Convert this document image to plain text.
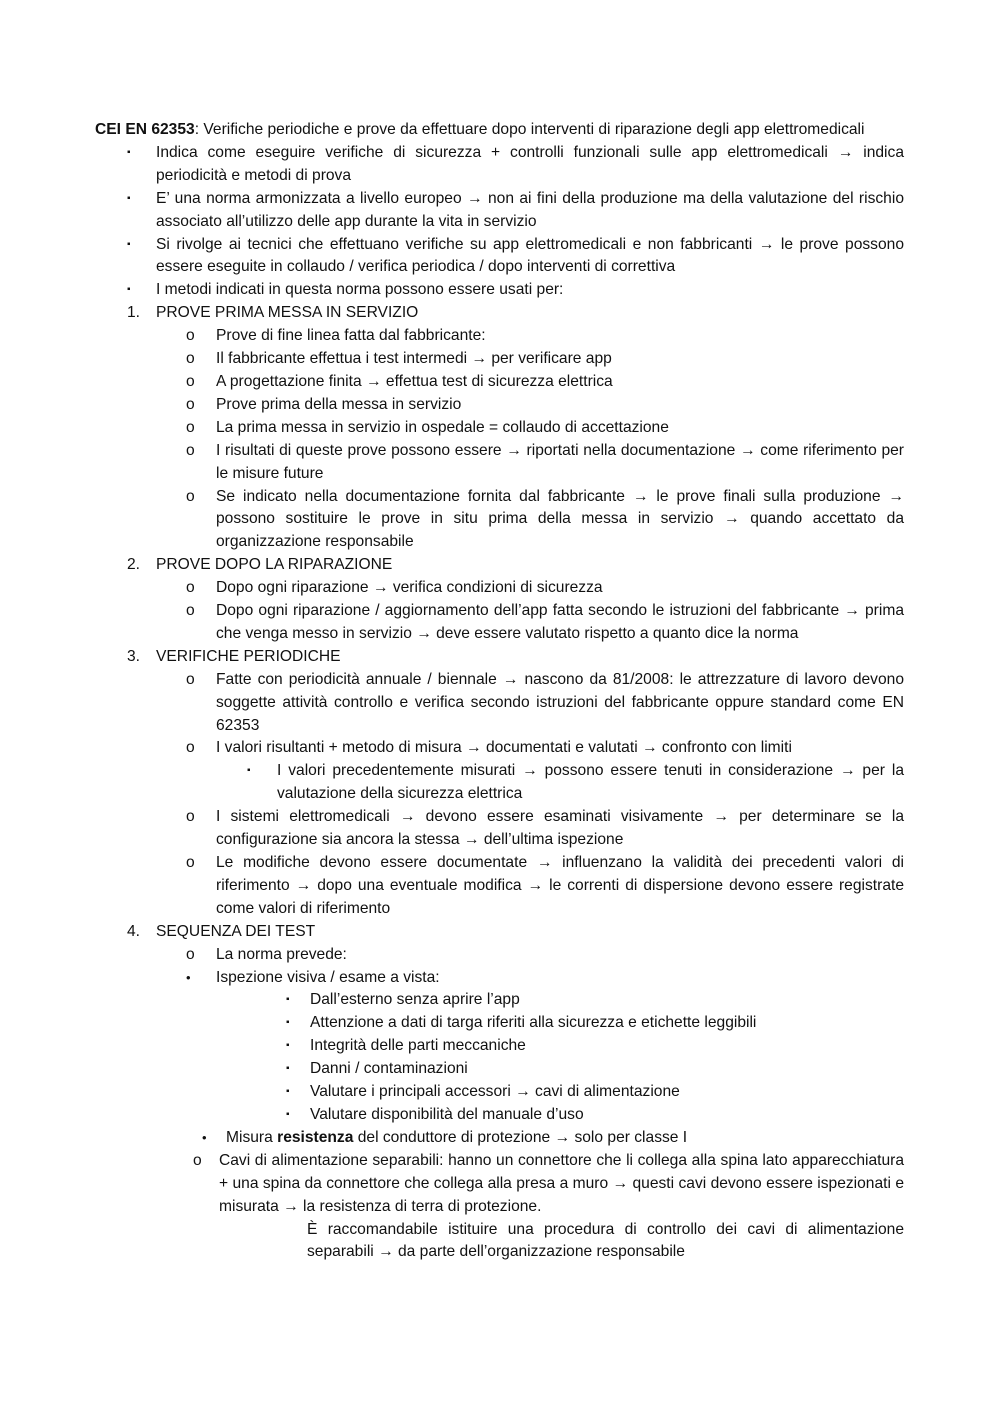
CEI EN 62353: Verifiche periodiche e prove da effettuare dopo interventi di riparazione degli app elettromedicali

▪ Indica come eseguire verifiche di sicurezza + controlli funzionali sulle app elettromedicali → indica periodicità e metodi di prova
▪ E’ una norma armonizzata a livello europeo → non ai fini della produzione ma della valutazione del rischio associato all’utilizzo delle app durante la vita in servizio
▪ Si rivolge ai tecnici che effettuano verifiche su app elettromedicali e non fabbricanti → le prove possono essere eseguite in collaudo / verifica periodica / dopo interventi di correttiva
▪ I metodi indicati in questa norma possono essere usati per:
1. PROVE PRIMA MESSA IN SERVIZIO
o Prove di fine linea fatta dal fabbricante:
o Il fabbricante effettua i test intermedi → per verificare app
o A progettazione finita → effettua test di sicurezza elettrica
o Prove prima della messa in servizio
o La prima messa in servizio in ospedale = collaudo di accettazione
o I risultati di queste prove possono essere → riportati nella documentazione → come riferimento per le misure future
o Se indicato nella documentazione fornita dal fabbricante → le prove finali sulla produzione → possono sostituire le prove in situ prima della messa in servizio → quando accettato da organizzazione responsabile
2. PROVE DOPO LA RIPARAZIONE
o Dopo ogni riparazione → verifica condizioni di sicurezza
o Dopo ogni riparazione / aggiornamento dell’app fatta secondo le istruzioni del fabbricante → prima che venga messo in servizio → deve essere valutato rispetto a quanto dice la norma
3. VERIFICHE PERIODICHE
o Fatte con periodicità annuale / biennale → nascono da 81/2008: le attrezzature di lavoro devono soggette attività controllo e verifica secondo istruzioni del fabbricante oppure standard come EN 62353
o I valori risultanti + metodo di misura → documentati e valutati → confronto con limiti
▪ I valori precedentemente misurati → possono essere tenuti in considerazione → per la valutazione della sicurezza elettrica
o I sistemi elettromedicali → devono essere esaminati visivamente → per determinare se la configurazione sia ancora la stessa → dell’ultima ispezione
o Le modifiche devono essere documentate → influenzano la validità dei precedenti valori di riferimento → dopo una eventuale modifica → le correnti di dispersione devono essere registrate come valori di riferimento
4. SEQUENZA DEI TEST
o La norma prevede:
• Ispezione visiva / esame a vista:
▪ Dall’esterno senza aprire l’app
▪ Attenzione a dati di targa riferiti alla sicurezza e etichette leggibili
▪ Integrità delle parti meccaniche
▪ Danni / contaminazioni
▪ Valutare i principali accessori → cavi di alimentazione
▪ Valutare disponibilità del manuale d’uso
• Misura resistenza del conduttore di protezione → solo per classe I
o Cavi di alimentazione separabili: hanno un connettore che li collega alla spina lato apparecchiatura + una spina da connettore che collega alla presa a muro → questi cavi devono essere ispezionati e misurata → la resistenza di terra di protezione.
È raccomandabile istituire una procedura di controllo dei cavi di alimentazione separabili → da parte dell’organizzazione responsabile
